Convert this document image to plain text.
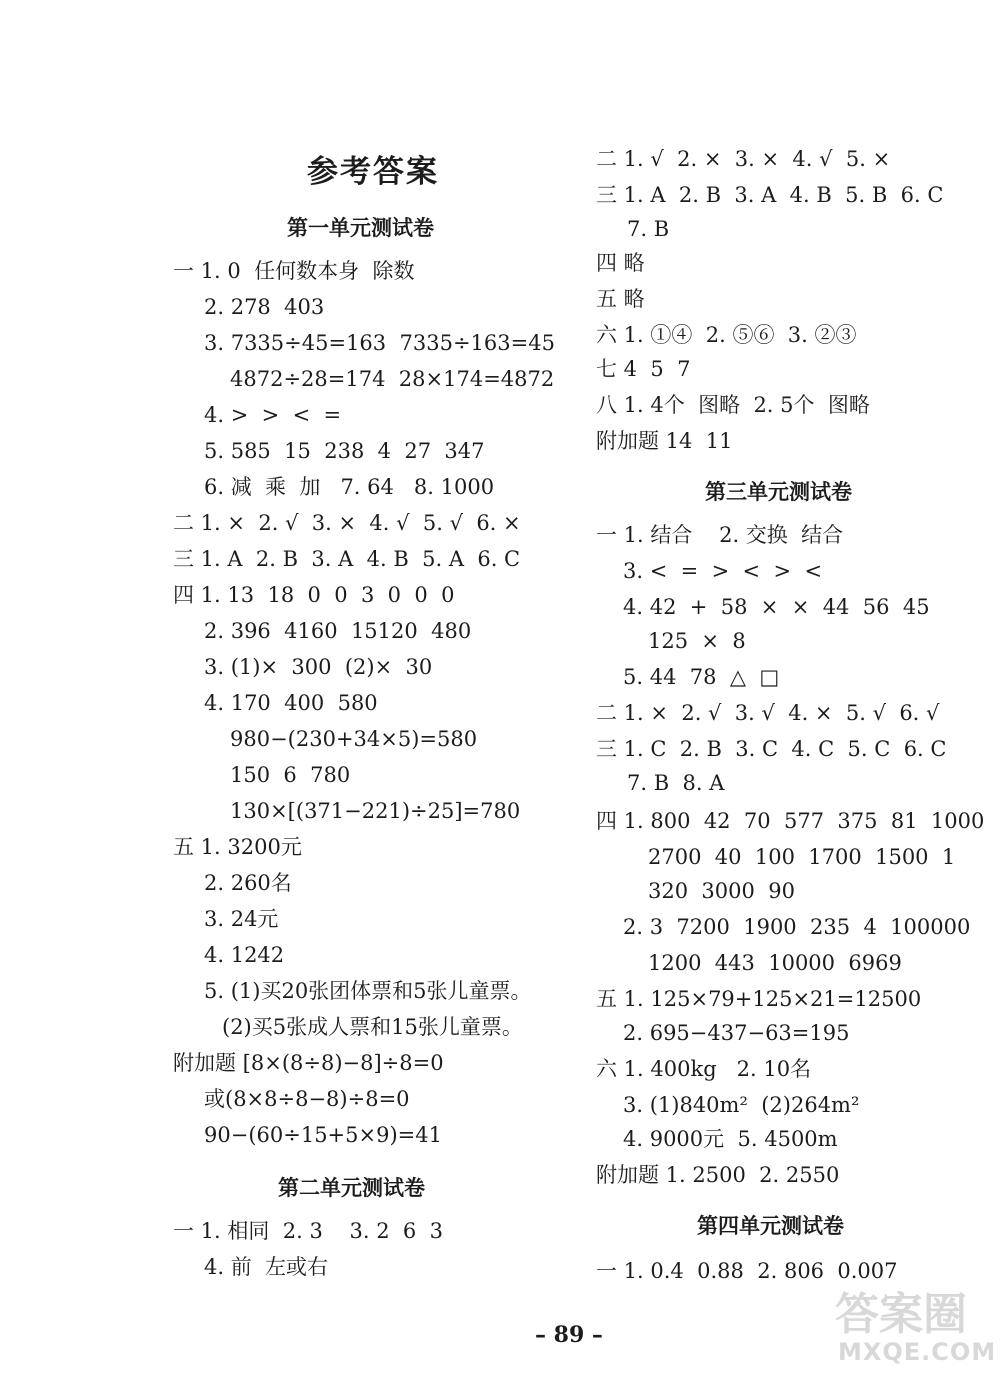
参考答案
第一单元测试卷
一 1. 0  任何数本身  除数
2. 278  403
3. 7335÷45=163  7335÷163=45
4872÷28=174  28×174=4872
4. >  >  <  =
5. 585  15  238  4  27  347
6. 减  乘  加   7. 64   8. 1000
二 1. ×  2. √  3. ×  4. √  5. √  6. ×
三 1. A  2. B  3. A  4. B  5. A  6. C
四 1. 13  18  0  0  3  0  0  0
2. 396  4160  15120  480
3. (1)×  300  (2)×  30
4. 170  400  580
980−(230+34×5)=580
150  6  780
130×[(371−221)÷25]=780
五 1. 3200元
2. 260名
3. 24元
4. 1242
5. (1)买20张团体票和5张儿童票。
(2)买5张成人票和15张儿童票。
附加题 [8×(8÷8)−8]÷8=0
或(8×8÷8−8)÷8=0
90−(60÷15+5×9)=41
第二单元测试卷
一 1. 相同  2. 3    3. 2  6  3
4. 前  左或右
二 1. √  2. ×  3. ×  4. √  5. ×
三 1. A  2. B  3. A  4. B  5. B  6. C
7. B
四 略
五 略
六 1. ①④  2. ⑤⑥  3. ②③
七 4  5  7
八 1. 4个  图略  2. 5个  图略
附加题 14  11
第三单元测试卷
一 1. 结合    2. 交换  结合
3. <  =  >  <  >  <
4. 42  +  58  ×  ×  44  56  45
125  ×  8
5. 44  78  △  □
二 1. ×  2. √  3. √  4. ×  5. √  6. √
三 1. C  2. B  3. C  4. C  5. C  6. C
7. B  8. A
四 1. 800  42  70  577  375  81  1000
2700  40  100  1700  1500  1
320  3000  90
2. 3  7200  1900  235  4  100000
1200  443  10000  6969
五 1. 125×79+125×21=12500
2. 695−437−63=195
六 1. 400kg   2. 10名
3. (1)840m²  (2)264m²
4. 9000元  5. 4500m
附加题 1. 2500  2. 2550
第四单元测试卷
一 1. 0.4  0.88  2. 806  0.007
– 89 –	答案圈
MXQE.COM
